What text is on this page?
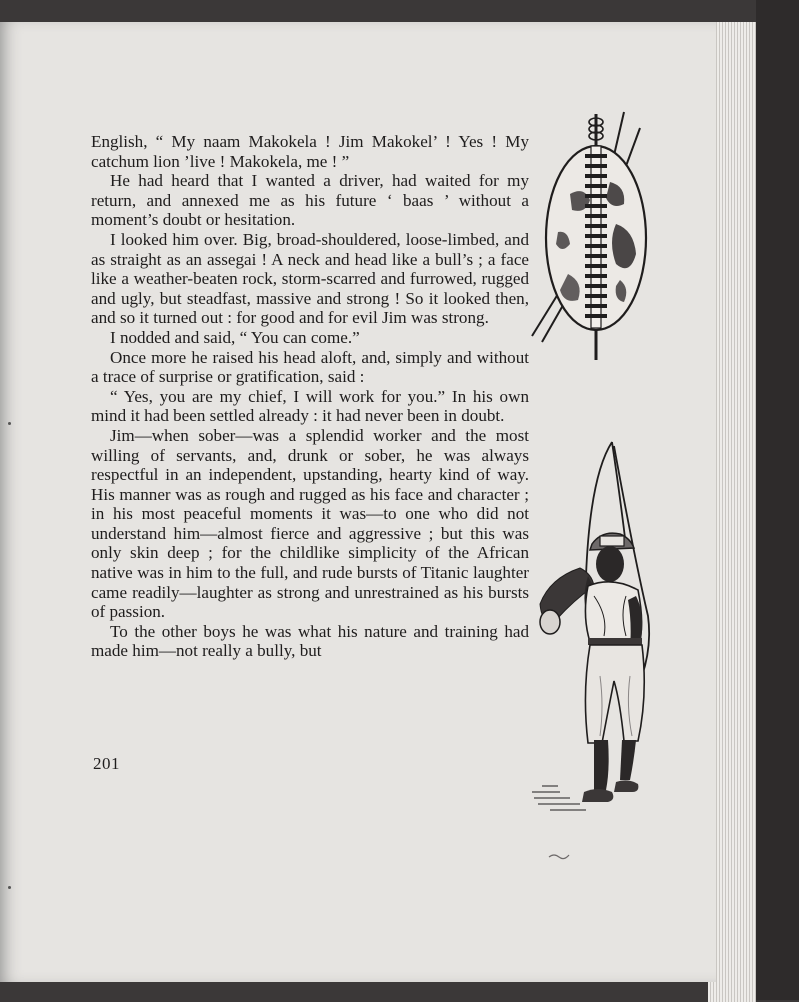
English, “ My naam Makokela ! Jim Makokel’ ! Yes ! My catchum lion ’live ! Makokela, me ! ”

He had heard that I wanted a driver, had waited for my return, and annexed me as his future ‘ baas ’ without a moment’s doubt or hesitation.

I looked him over. Big, broad-shouldered, loose-limbed, and as straight as an assegai ! A neck and head like a bull’s ; a face like a weather-beaten rock, storm-scarred and furrowed, rugged and ugly, but steadfast, massive and strong ! So it looked then, and so it turned out : for good and for evil Jim was strong.

I nodded and said, “ You can come.”

Once more he raised his head aloft, and, simply and without a trace of surprise or gratification, said :

“ Yes, you are my chief, I will work for you.” In his own mind it had been settled already : it had never been in doubt.

Jim—when sober—was a splendid worker and the most willing of servants, and, drunk or sober, he was always respectful in an independent, upstanding, hearty kind of way. His manner was as rough and rugged as his face and character ; in his most peaceful moments it was—to one who did not understand him—almost fierce and aggressive ; but this was only skin deep ; for the childlike simplicity of the African native was in him to the full, and rude bursts of Titanic laughter came readily—laughter as strong and unrestrained as his bursts of passion.

To the other boys he was what his nature and training had made him—not really a bully, but

201
